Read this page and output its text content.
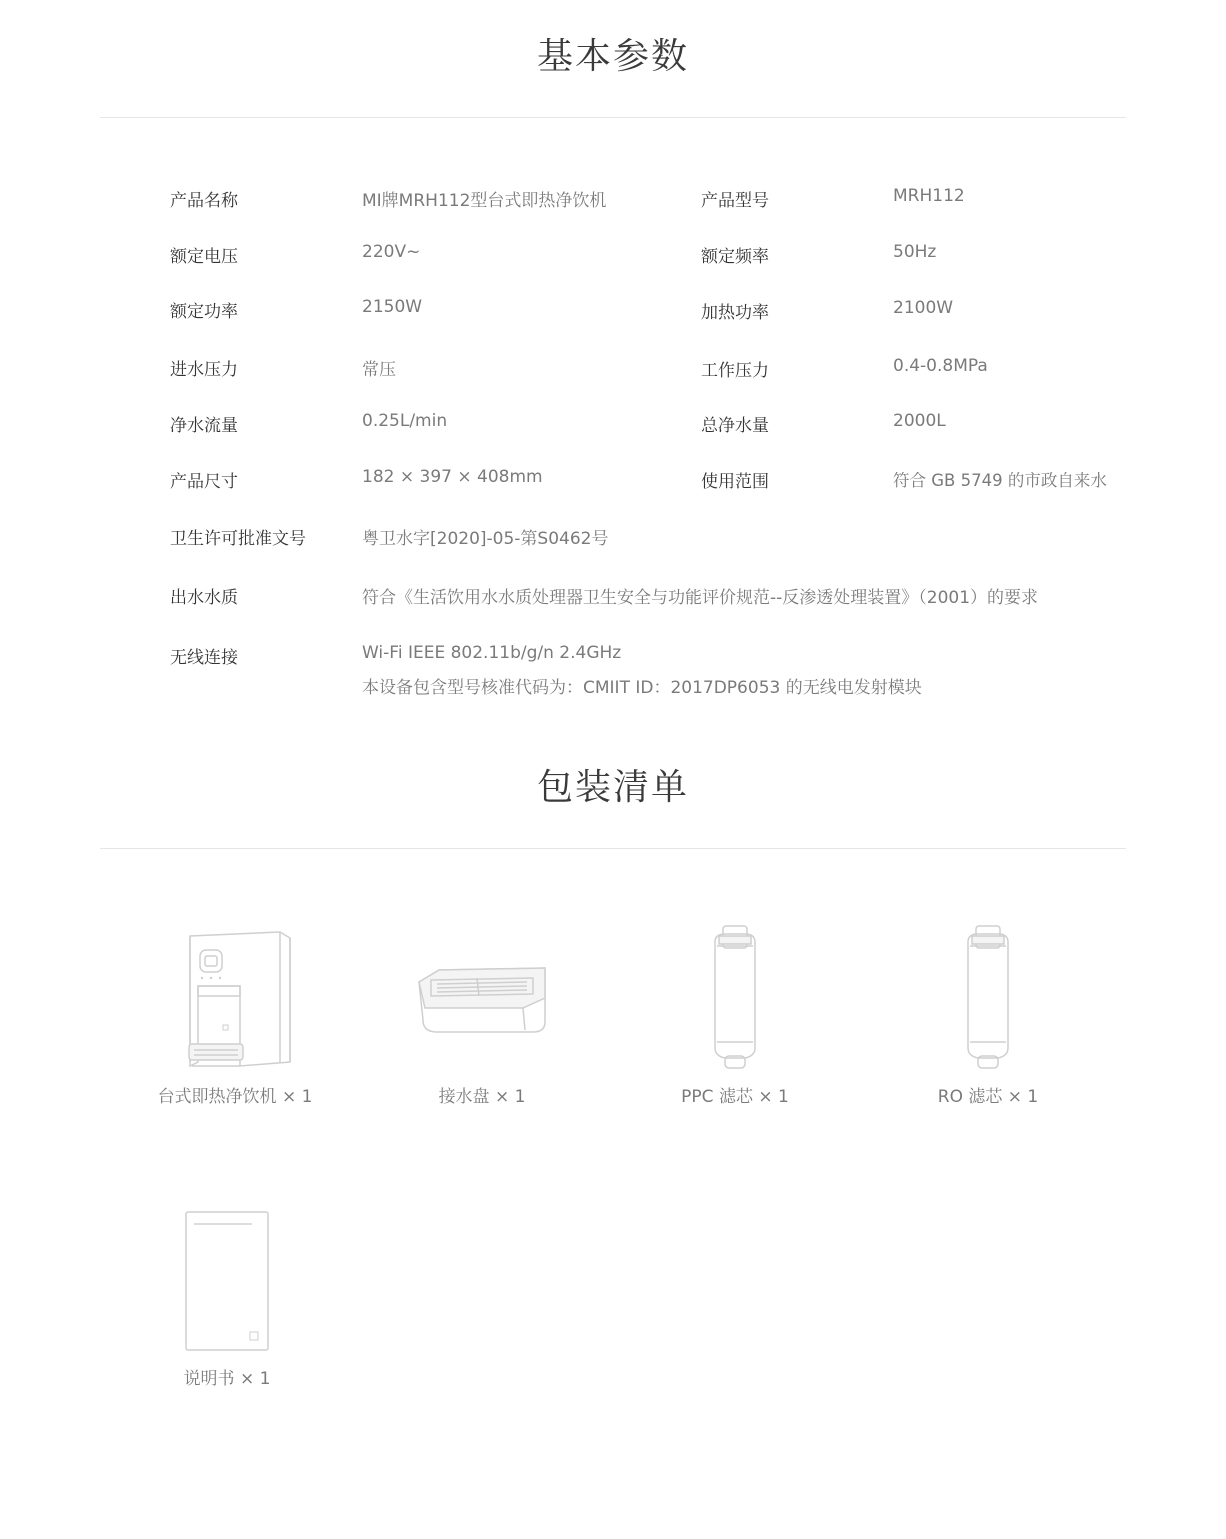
基本参数
产品名称	MI牌MRH112型台式即热净饮机	产品型号	MRH112
额定电压	220V~	额定频率	50Hz
额定功率	2150W	加热功率	2100W
进水压力	常压	工作压力	0.4-0.8MPa
净水流量	0.25L/min	总净水量	2000L
产品尺寸	182 × 397 × 408mm	使用范围	符合 GB 5749 的市政自来水
卫生许可批准文号	粤卫水字[2020]-05-第S0462号
出水水质	符合《生活饮用水水质处理器卫生安全与功能评价规范--反渗透处理装置》（2001）的要求
无线连接	Wi-Fi IEEE 802.11b/g/n 2.4GHz
本设备包含型号核准代码为：CMIIT ID：2017DP6053 的无线电发射模块
包装清单
台式即热净饮机 × 1	接水盘 × 1	PPC 滤芯 × 1	RO 滤芯 × 1
说明书 × 1
